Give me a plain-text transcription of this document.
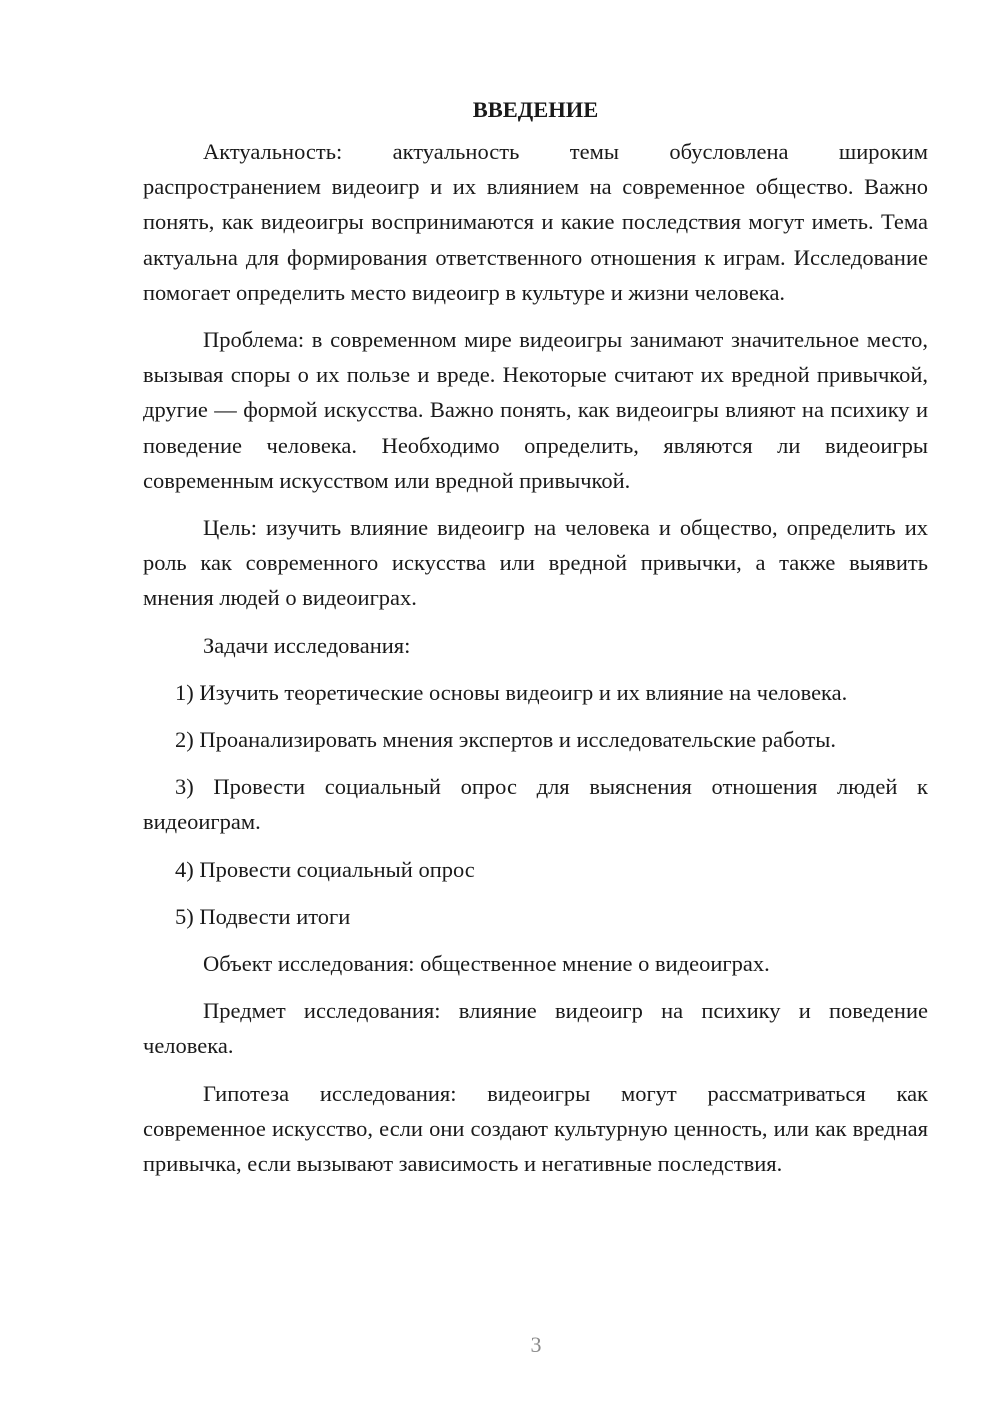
ВВЕДЕНИЕ

Актуальность: актуальность темы обусловлена широким распространением видеоигр и их влиянием на современное общество. Важно понять, как видеоигры воспринимаются и какие последствия могут иметь. Тема актуальна для формирования ответственного отношения к играм. Исследование помогает определить место видеоигр в культуре и жизни человека.

Проблема: в современном мире видеоигры занимают значительное место, вызывая споры о их пользе и вреде. Некоторые считают их вредной привычкой, другие — формой искусства. Важно понять, как видеоигры влияют на психику и поведение человека. Необходимо определить, являются ли видеоигры современным искусством или вредной привычкой.

Цель: изучить влияние видеоигр на человека и общество, определить их роль как современного искусства или вредной привычки, а также выявить мнения людей о видеоиграх.

Задачи исследования:

1) Изучить теоретические основы видеоигр и их влияние на человека.

2) Проанализировать мнения экспертов и исследовательские работы.

3) Провести социальный опрос для выяснения отношения людей к видеоиграм.

4) Провести социальный опрос

5) Подвести итоги

Объект исследования: общественное мнение о видеоиграх.

Предмет исследования: влияние видеоигр на психику и поведение человека.

Гипотеза исследования: видеоигры могут рассматриваться как современное искусство, если они создают культурную ценность, или как вредная привычка, если вызывают зависимость и негативные последствия.

3
